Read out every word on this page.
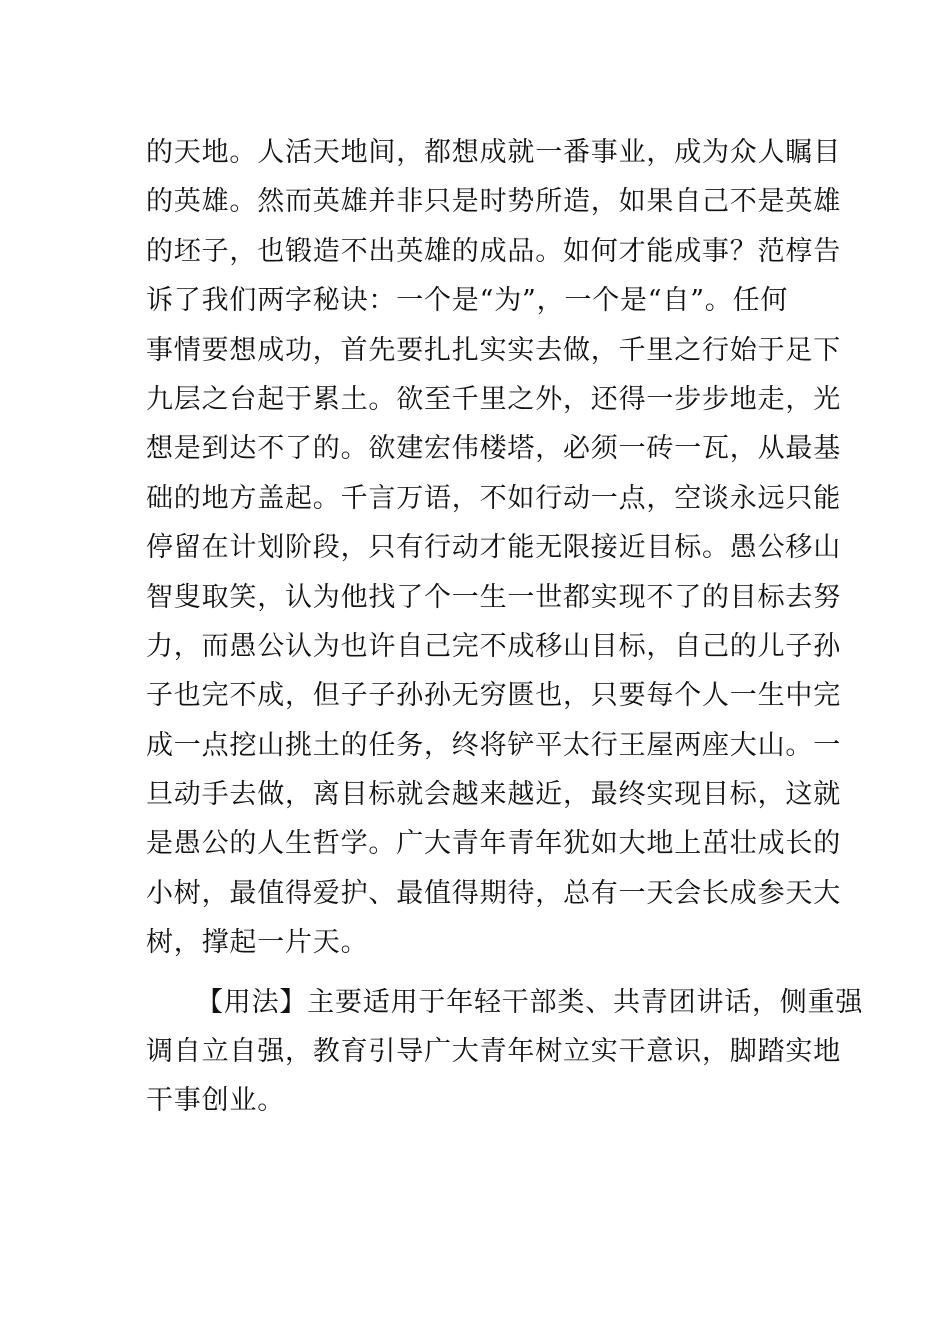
的天地。人活天地间，都想成就一番事业，成为众人瞩目
的英雄。然而英雄并非只是时势所造，如果自己不是英雄
的坯子，也锻造不出英雄的成品。如何才能成事？范椁告
诉了我们两字秘诀：一个是“为”，一个是“自”。任何
事情要想成功，首先要扎扎实实去做，千里之行始于足下
九层之台起于累土。欲至千里之外，还得一步步地走，光
想是到达不了的。欲建宏伟楼塔，必须一砖一瓦，从最基
础的地方盖起。千言万语，不如行动一点，空谈永远只能
停留在计划阶段，只有行动才能无限接近目标。愚公移山
智叟取笑，认为他找了个一生一世都实现不了的目标去努
力，而愚公认为也许自己完不成移山目标，自己的儿子孙
子也完不成，但子子孙孙无穷匮也，只要每个人一生中完
成一点挖山挑土的任务，终将铲平太行王屋两座大山。一
旦动手去做，离目标就会越来越近，最终实现目标，这就
是愚公的人生哲学。广大青年青年犹如大地上茁壮成长的
小树，最值得爱护、最值得期待，总有一天会长成参天大
树，撑起一片天。
【用法】主要适用于年轻干部类、共青团讲话，侧重强
调自立自强，教育引导广大青年树立实干意识，脚踏实地
干事创业。
